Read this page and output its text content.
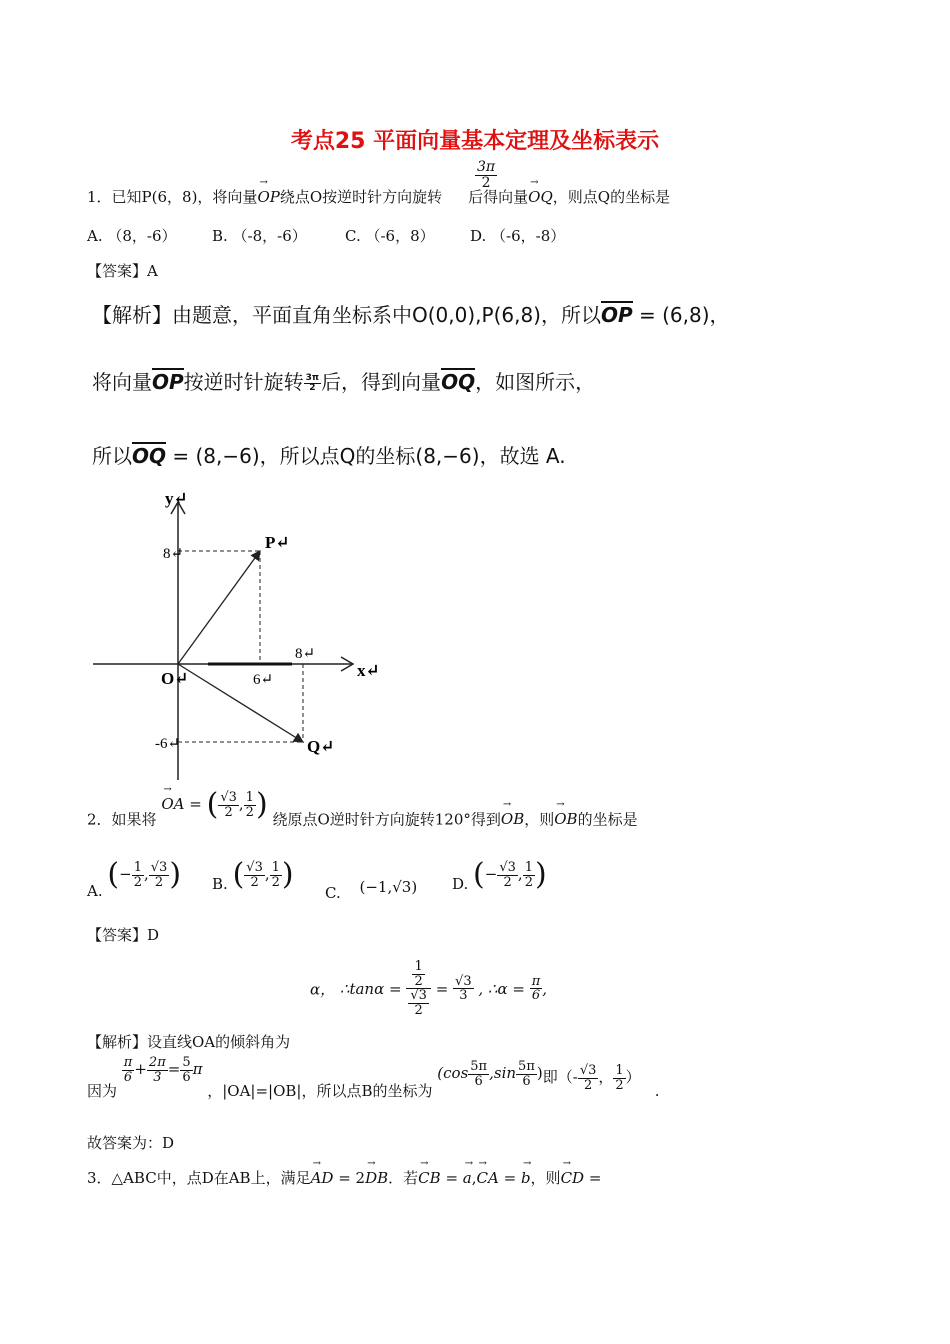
考点25 平面向量基本定理及坐标表示
$\frac{3\pi}{2}$
1．已知P(6，8)，将向量→ OP绕点O按逆时针方向旋转 后得向量→ OQ，则点Q的坐标是
A. （8，-6） B. （-8，-6）	C. （-6，8） D. （-6，-8）
【答案】A
【解析】由题意，平面直角坐标系中O(0,0),P(6,8)，所以OP = (6,8)，
将向量OP按逆时针旋转 $\frac{3\pi}{2}$ 后，得到向量OQ，如图所示，
所以OQ = (8,−6)，所以点Q的坐标(8,−6)，故选 A.
y↵
x↵
O↵
P↵
Q↵
8↵
6↵
8↵
-6↵
2．如果将 → OA = ( $\frac{√3}{2}$ , $\frac{1}{2}$ ) 绕原点O逆时针方向旋转120°得到→ OB，则→ OB的坐标是
A. (− $\frac{1}{2}$ , $\frac{√3}{2}$ ) B. ( $\frac{√3}{2}$ , $\frac{1}{2}$ )
C. (−1,√3) D. (− $\frac{√3}{2}$ , $\frac{1}{2}$ )
【答案】D
α， ∴tanα = $\frac{\frac{1}{2}}{\frac{√3}{2}} = \frac{√3}{3}$ , ∴α = $\frac{\pi}{6}$ ,
【解析】设直线OA的倾斜角为
因为
$\frac{\pi}{6} + \frac{2\pi}{3} = \frac{5}{6}$ π ，|OA|=|OB|，所以点B的坐标为 ($\cos \frac{5\pi}{6} ,\sin \frac{5\pi}{6}$ )即（- $\frac{√3}{2}$ ， $\frac{1}{2}$ ）.
故答案为：D
3．△ABC中，点D在AB上，满足→ AD = 2→ DB．若→ CB = → a,→ CA = → b，则→ CD =
